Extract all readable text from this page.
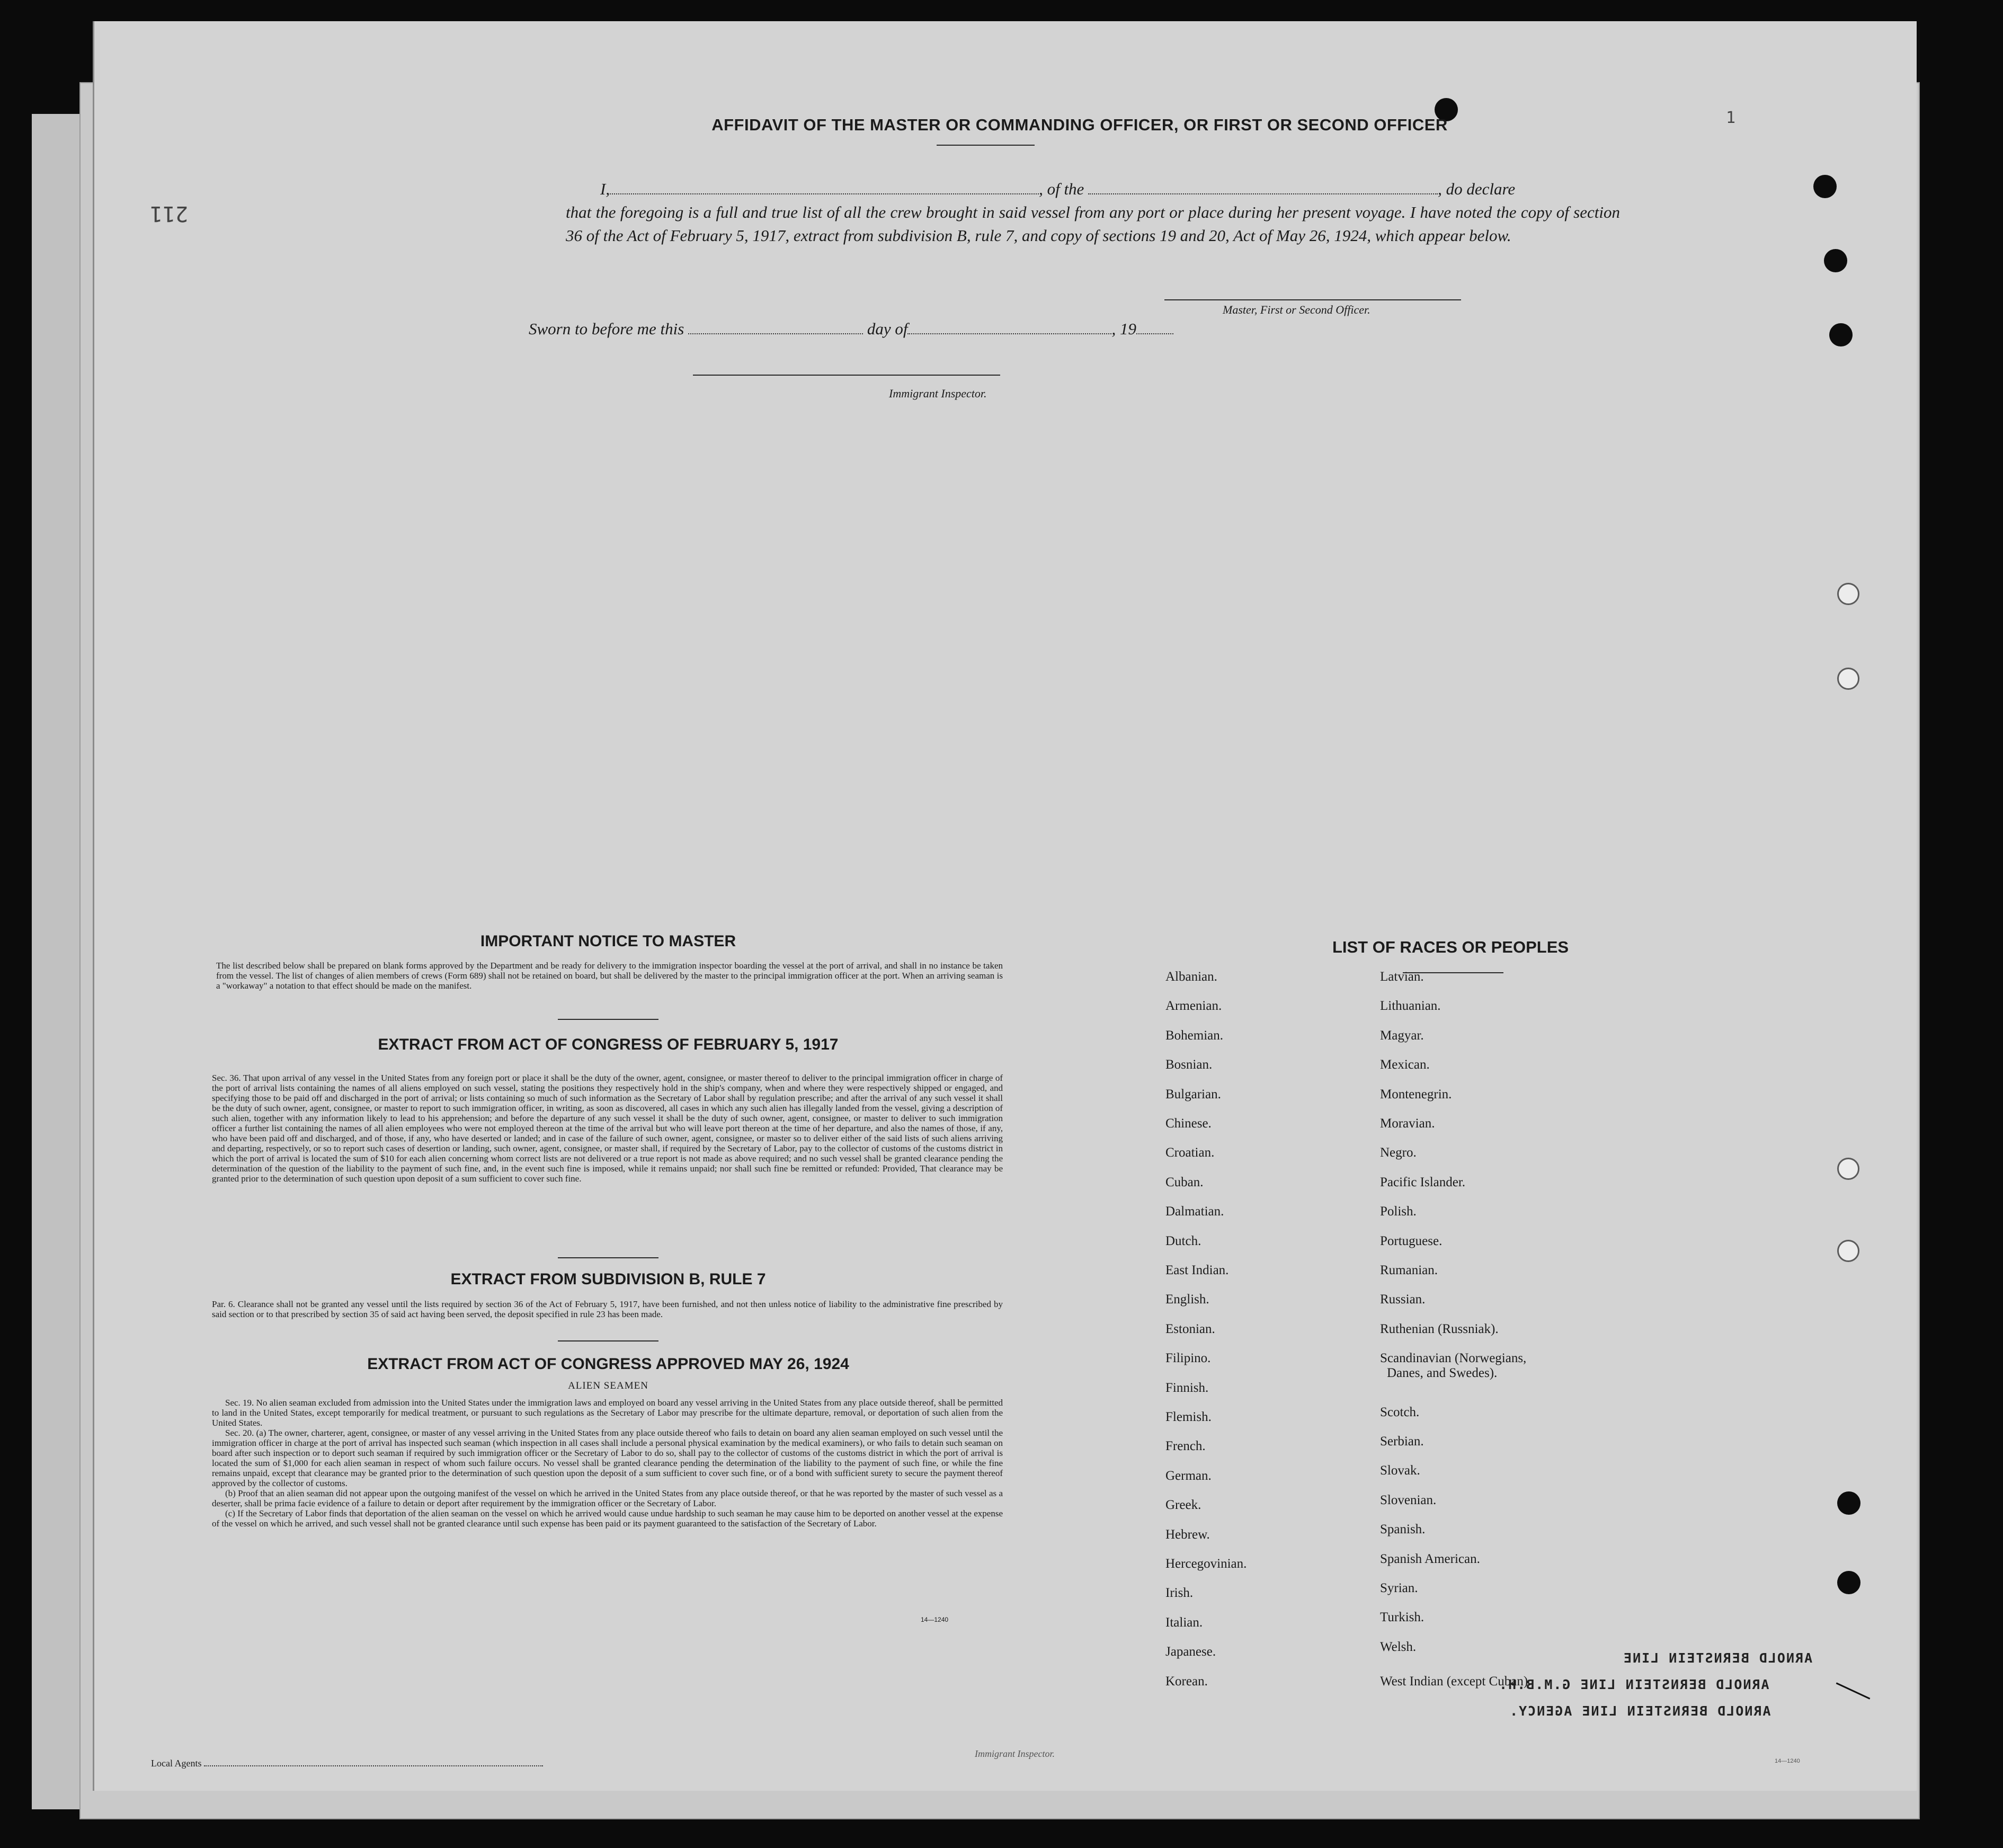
1
211
AFFIDAVIT OF THE MASTER OR COMMANDING OFFICER, OR FIRST OR SECOND OFFICER
I,	, of the	, do declare
that the foregoing is a full and true list of all the crew brought in said vessel from any port or place during her present voyage. I have noted the copy of section 36 of the Act of February 5, 1917, extract from subdivision B, rule 7, and copy of sections 19 and 20, Act of May 26, 1924, which appear below.
Master, First or Second Officer.
Sworn to before me this	day of	, 19
Immigrant Inspector.
IMPORTANT NOTICE TO MASTER
The list described below shall be prepared on blank forms approved by the Department and be ready for delivery to the immigration inspector boarding the vessel at the port of arrival, and shall in no instance be taken from the vessel. The list of changes of alien members of crews (Form 689) shall not be retained on board, but shall be delivered by the master to the principal immigration officer at the port. When an arriving seaman is a "workaway" a notation to that effect should be made on the manifest.
EXTRACT FROM ACT OF CONGRESS OF FEBRUARY 5, 1917
Sec. 36. That upon arrival of any vessel in the United States from any foreign port or place it shall be the duty of the owner, agent, consignee, or master thereof to deliver to the principal immigration officer in charge of the port of arrival lists containing the names of all aliens employed on such vessel, stating the positions they respectively hold in the ship's company, when and where they were respectively shipped or engaged, and specifying those to be paid off and discharged in the port of arrival; or lists containing so much of such information as the Secretary of Labor shall by regulation prescribe; and after the arrival of any such vessel it shall be the duty of such owner, agent, consignee, or master to report to such immigration officer, in writing, as soon as discovered, all cases in which any such alien has illegally landed from the vessel, giving a description of such alien, together with any information likely to lead to his apprehension; and before the departure of any such vessel it shall be the duty of such owner, agent, consignee, or master to deliver to such immigration officer a further list containing the names of all alien employees who were not employed thereon at the time of the arrival but who will leave port thereon at the time of her departure, and also the names of those, if any, who have been paid off and discharged, and of those, if any, who have deserted or landed; and in case of the failure of such owner, agent, consignee, or master so to deliver either of the said lists of such aliens arriving and departing, respectively, or so to report such cases of desertion or landing, such owner, agent, consignee, or master shall, if required by the Secretary of Labor, pay to the collector of customs of the customs district in which the port of arrival is located the sum of $10 for each alien concerning whom correct lists are not delivered or a true report is not made as above required; and no such vessel shall be granted clearance pending the determination of the question of the liability to the payment of such fine, and, in the event such fine is imposed, while it remains unpaid; nor shall such fine be remitted or refunded: Provided, That clearance may be granted prior to the determination of such question upon deposit of a sum sufficient to cover such fine.
EXTRACT FROM SUBDIVISION B, RULE 7
Par. 6. Clearance shall not be granted any vessel until the lists required by section 36 of the Act of February 5, 1917, have been furnished, and not then unless notice of liability to the administrative fine prescribed by said section or to that prescribed by section 35 of said act having been served, the deposit specified in rule 23 has been made.
EXTRACT FROM ACT OF CONGRESS APPROVED MAY 26, 1924
ALIEN SEAMEN
Sec. 19. No alien seaman excluded from admission into the United States under the immigration laws and employed on board any vessel arriving in the United States from any place outside thereof, shall be permitted to land in the United States, except temporarily for medical treatment, or pursuant to such regulations as the Secretary of Labor may prescribe for the ultimate departure, removal, or deportation of such alien from the United States.
Sec. 20. (a) The owner, charterer, agent, consignee, or master of any vessel arriving in the United States from any place outside thereof who fails to detain on board any alien seaman employed on such vessel until the immigration officer in charge at the port of arrival has inspected such seaman (which inspection in all cases shall include a personal physical examination by the medical examiners), or who fails to detain such seaman on board after such inspection or to deport such seaman if required by such immigration officer or the Secretary of Labor to do so, shall pay to the collector of customs of the customs district in which the port of arrival is located the sum of $1,000 for each alien seaman in respect of whom such failure occurs. No vessel shall be granted clearance pending the determination of the liability to the payment of such fine, or while the fine remains unpaid, except that clearance may be granted prior to the determination of such question upon the deposit of a sum sufficient to cover such fine, or of a bond with sufficient surety to secure the payment thereof approved by the collector of customs.
(b) Proof that an alien seaman did not appear upon the outgoing manifest of the vessel on which he arrived in the United States from any place outside thereof, or that he was reported by the master of such vessel as a deserter, shall be prima facie evidence of a failure to detain or deport after requirement by the immigration officer or the Secretary of Labor.
(c) If the Secretary of Labor finds that deportation of the alien seaman on the vessel on which he arrived would cause undue hardship to such seaman he may cause him to be deported on another vessel at the expense of the vessel on which he arrived, and such vessel shall not be granted clearance until such expense has been paid or its payment guaranteed to the satisfaction of the Secretary of Labor.
14—1240
LIST OF RACES OR PEOPLES
ARNOLD BERNSTEIN LINE
ARNOLD BERNSTEIN LINE G.M.B.H.
ARNOLD BERNSTEIN LINE AGENCY.
Albanian.
Armenian.
Bohemian.
Bosnian.
Bulgarian.
Chinese.
Croatian.
Cuban.
Dalmatian.
Dutch.
East Indian.
English.
Estonian.
Filipino.
Finnish.
Flemish.
French.
German.
Greek.
Hebrew.
Hercegovinian.
Irish.
Italian.
Japanese.
Korean.
Latvian.
Lithuanian.
Magyar.
Mexican.
Montenegrin.
Moravian.
Negro.
Pacific Islander.
Polish.
Portuguese.
Rumanian.
Russian.
Ruthenian (Russniak).
Scandinavian (Norwegians,
Danes, and Swedes).
Scotch.
Serbian.
Slovak.
Slovenian.
Spanish.
Spanish American.
Syrian.
Turkish.
Welsh.
West Indian (except Cuban).
Local Agents
Immigrant Inspector.
14—1240
